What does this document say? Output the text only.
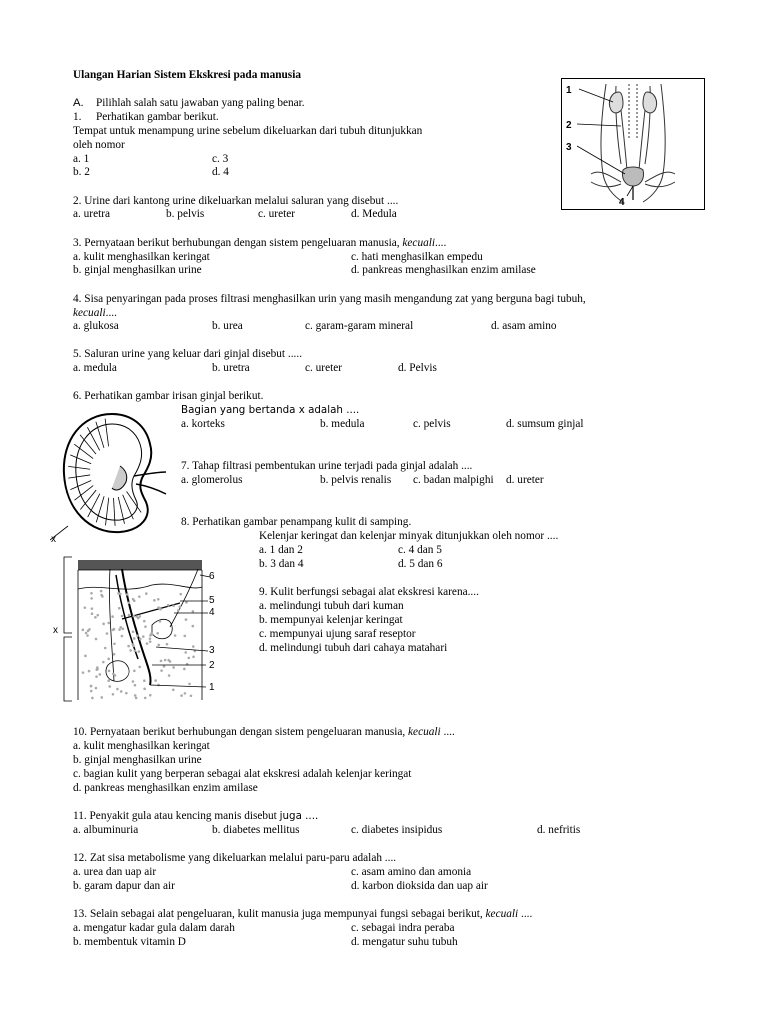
Ulangan Harian Sistem Ekskresi pada manusia
A. Pilihlah salah satu jawaban yang paling benar.
1. Perhatikan gambar berikut.
Tempat untuk menampung urine sebelum dikeluarkan dari tubuh ditunjukkan
oleh nomor
a. 1	c. 3
b. 2	d. 4
2. Urine dari kantong urine dikeluarkan melalui saluran yang disebut ....
a. uretra	b. pelvis	c. ureter	d. Medula
3. Pernyataan berikut berhubungan dengan sistem pengeluaran manusia, kecuali....
a. kulit menghasilkan keringat	c. hati menghasilkan empedu
b. ginjal menghasilkan urine	d. pankreas menghasilkan enzim amilase
4. Sisa penyaringan pada proses filtrasi menghasilkan urin yang masih mengandung zat yang berguna bagi tubuh,
kecuali....
a. glukosa	b. urea	c. garam-garam mineral	d. asam amino
5. Saluran urine yang keluar dari ginjal disebut .....
a. medula	b. uretra	c. ureter	d. Pelvis
6. Perhatikan gambar irisan ginjal berikut.
Bagian yang bertanda x adalah ....
a. korteks	b. medula	c. pelvis	d. sumsum ginjal
7. Tahap filtrasi pembentukan urine terjadi pada ginjal adalah ....
a. glomerolus	b. pelvis renalis c. badan malpighi d. ureter
8. Perhatikan gambar penampang kulit di samping.
Kelenjar keringat dan kelenjar minyak ditunjukkan oleh nomor ....
a. 1 dan 2	c. 4 dan 5
b. 3 dan 4	d. 5 dan 6
9. Kulit berfungsi sebagai alat ekskresi karena....
a. melindungi tubuh dari kuman
b. mempunyai kelenjar keringat
c. mempunyai ujung saraf reseptor
d. melindungi tubuh dari cahaya matahari
10. Pernyataan berikut berhubungan dengan sistem pengeluaran manusia, kecuali ....
a. kulit menghasilkan keringat
b. ginjal menghasilkan urine
c. bagian kulit yang berperan sebagai alat ekskresi adalah kelenjar keringat
d. pankreas menghasilkan enzim amilase
11. Penyakit gula atau kencing manis disebut juga ....
a. albuminuria	b. diabetes mellitus	c. diabetes insipidus	d. nefritis
12. Zat sisa metabolisme yang dikeluarkan melalui paru-paru adalah ....
a. urea dan uap air	c. asam amino dan amonia
b. garam dapur dan air	d. karbon dioksida dan uap air
13. Selain sebagai alat pengeluaran, kulit manusia juga mempunyai fungsi sebagai berikut, kecuali ....
a. mengatur kadar gula dalam darah	c. sebagai indra peraba
b. membentuk vitamin D	d. mengatur suhu tubuh
1
2
3
4
x
6
5
4
3
2
1
x
